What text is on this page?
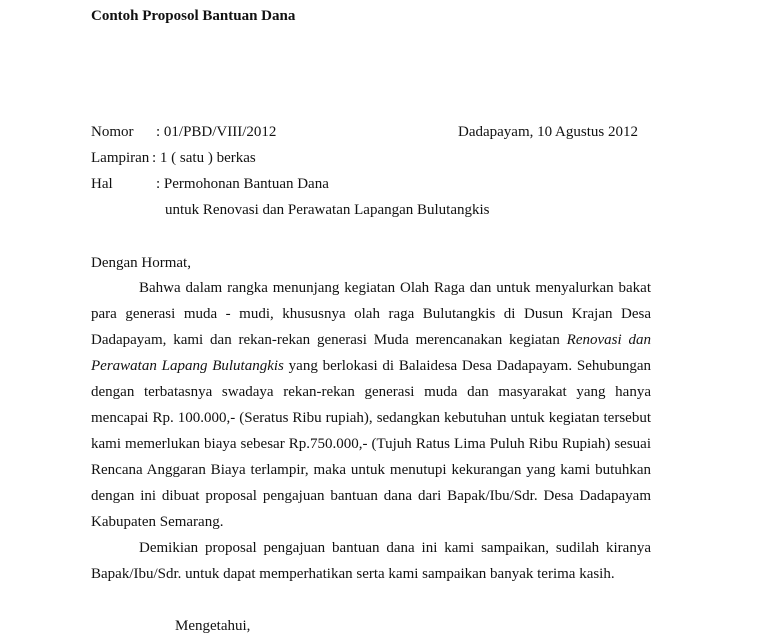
Contoh Proposol Bantuan Dana
Nomor : 01/PBD/VIII/2012	Dadapayam, 10 Agustus 2012
Lampiran : 1 ( satu ) berkas
Hal	: Permohonan Bantuan Dana
untuk Renovasi dan Perawatan Lapangan Bulutangkis
Dengan Hormat,

Bahwa dalam rangka menunjang kegiatan Olah Raga dan untuk menyalurkan bakat para generasi muda - mudi, khususnya olah raga Bulutangkis di Dusun Krajan Desa Dadapayam, kami dan rekan-rekan generasi Muda merencanakan kegiatan Renovasi dan Perawatan Lapang Bulutangkis yang berlokasi di Balaidesa Desa Dadapayam. Sehubungan dengan terbatasnya swadaya rekan-rekan generasi muda dan masyarakat yang hanya mencapai Rp. 100.000,- (Seratus Ribu rupiah), sedangkan kebutuhan untuk kegiatan tersebut kami memerlukan biaya sebesar Rp.750.000,- (Tujuh Ratus Lima Puluh Ribu Rupiah) sesuai Rencana Anggaran Biaya terlampir, maka untuk menutupi kekurangan yang kami butuhkan dengan ini dibuat proposal pengajuan bantuan dana dari Bapak/Ibu/Sdr. Desa Dadapayam Kabupaten Semarang.

Demikian proposal pengajuan bantuan dana ini kami sampaikan, sudilah kiranya Bapak/Ibu/Sdr. untuk dapat memperhatikan serta kami sampaikan banyak terima kasih.

Mengetahui,
